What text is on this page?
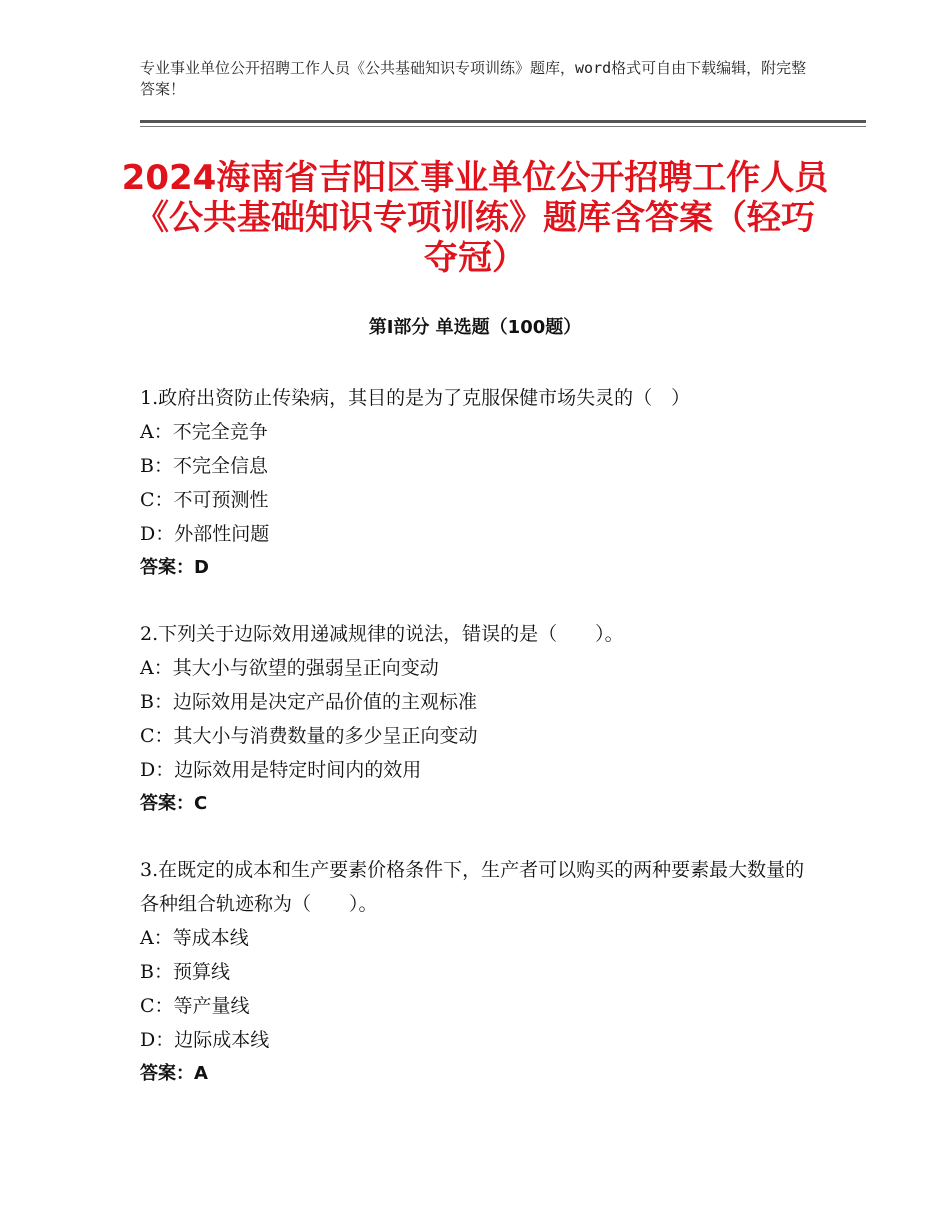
专业事业单位公开招聘工作人员《公共基础知识专项训练》题库，word格式可自由下载编辑，附完整答案！
2024海南省吉阳区事业单位公开招聘工作人员《公共基础知识专项训练》题库含答案（轻巧夺冠）
第Ⅰ部分 单选题（100题）

1.政府出资防止传染病，其目的是为了克服保健市场失灵的（　）

A：不完全竞争

B：不完全信息

C：不可预测性

D：外部性问题

答案：D

2.下列关于边际效用递减规律的说法，错误的是（　　）。

A：其大小与欲望的强弱呈正向变动

B：边际效用是决定产品价值的主观标准

C：其大小与消费数量的多少呈正向变动

D：边际效用是特定时间内的效用

答案：C

3.在既定的成本和生产要素价格条件下，生产者可以购买的两种要素最大数量的各种组合轨迹称为（　　）。

A：等成本线

B：预算线

C：等产量线

D：边际成本线

答案：A
